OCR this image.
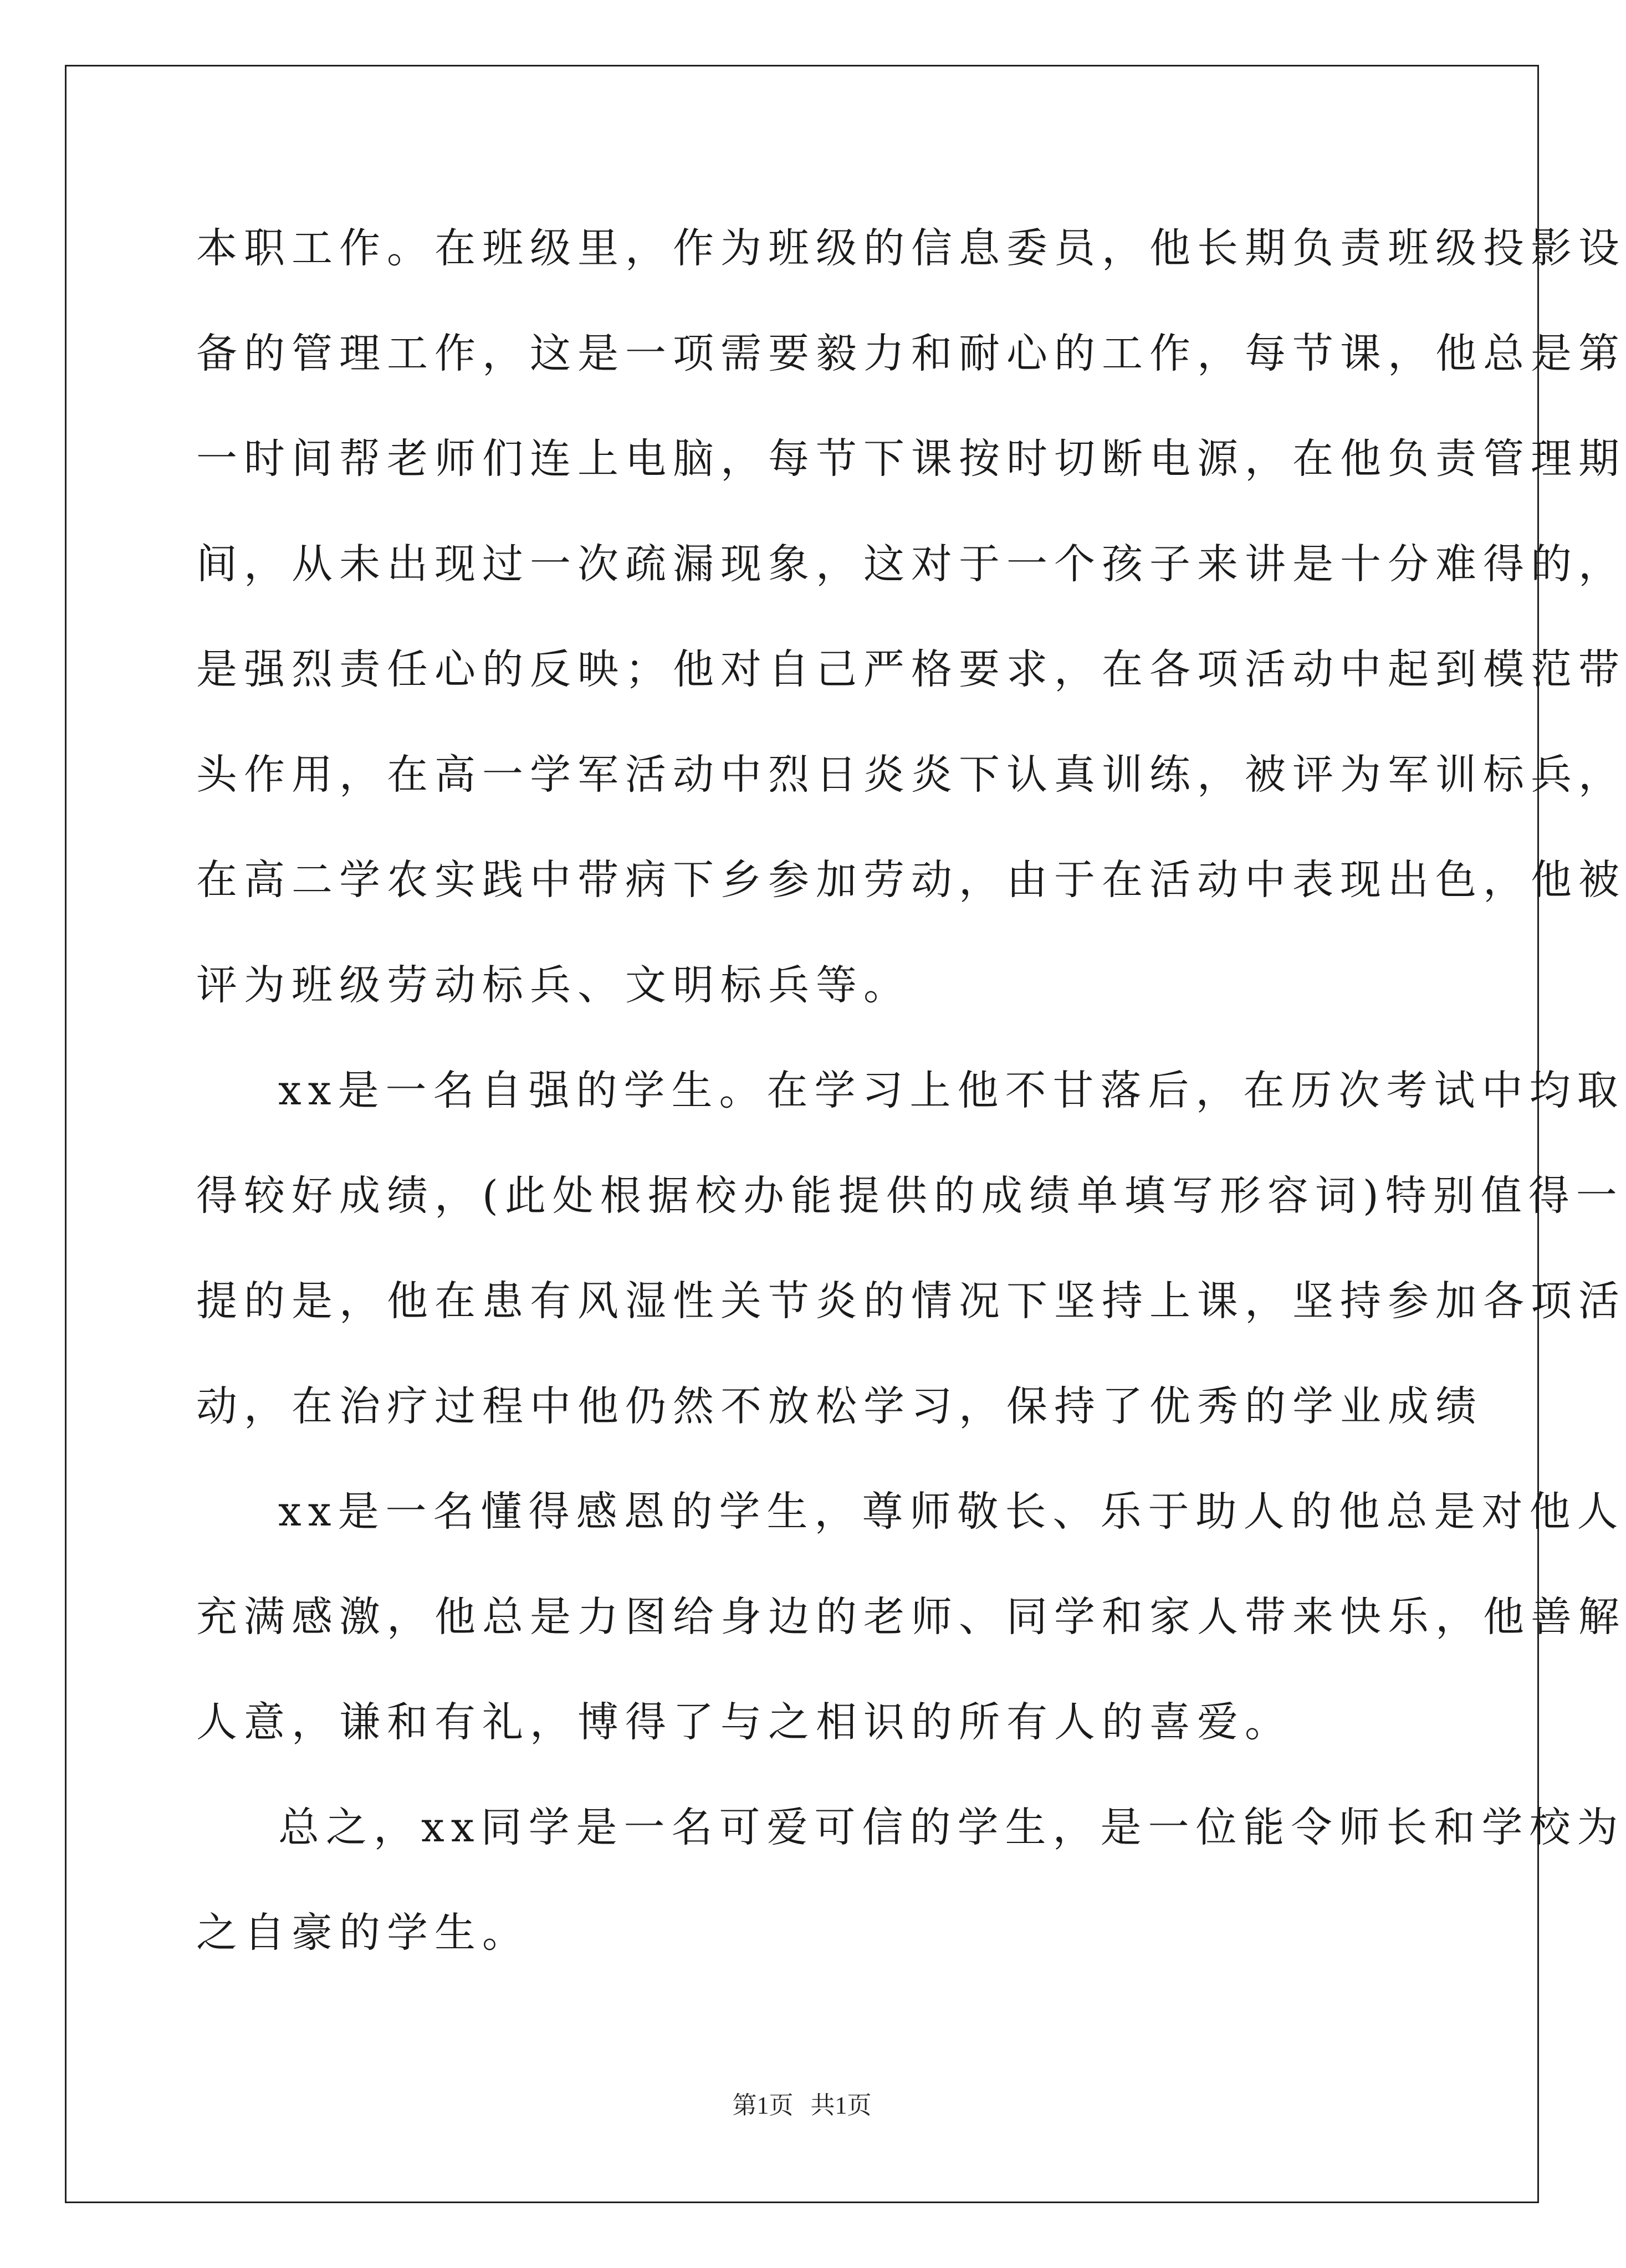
本职工作。在班级里，作为班级的信息委员，他长期负责班级投影设
备的管理工作，这是一项需要毅力和耐心的工作，每节课，他总是第
一时间帮老师们连上电脑，每节下课按时切断电源，在他负责管理期
间，从未出现过一次疏漏现象，这对于一个孩子来讲是十分难得的，
是强烈责任心的反映；他对自己严格要求，在各项活动中起到模范带
头作用，在高一学军活动中烈日炎炎下认真训练，被评为军训标兵，
在高二学农实践中带病下乡参加劳动，由于在活动中表现出色，他被
评为班级劳动标兵、文明标兵等。
xx是一名自强的学生。在学习上他不甘落后，在历次考试中均取
得较好成绩，(此处根据校办能提供的成绩单填写形容词)特别值得一
提的是，他在患有风湿性关节炎的情况下坚持上课，坚持参加各项活
动，在治疗过程中他仍然不放松学习，保持了优秀的学业成绩
xx是一名懂得感恩的学生，尊师敬长、乐于助人的他总是对他人
充满感激，他总是力图给身边的老师、同学和家人带来快乐，他善解
人意，谦和有礼，博得了与之相识的所有人的喜爱。
总之，xx同学是一名可爱可信的学生，是一位能令师长和学校为
之自豪的学生。
第1页 共1页
